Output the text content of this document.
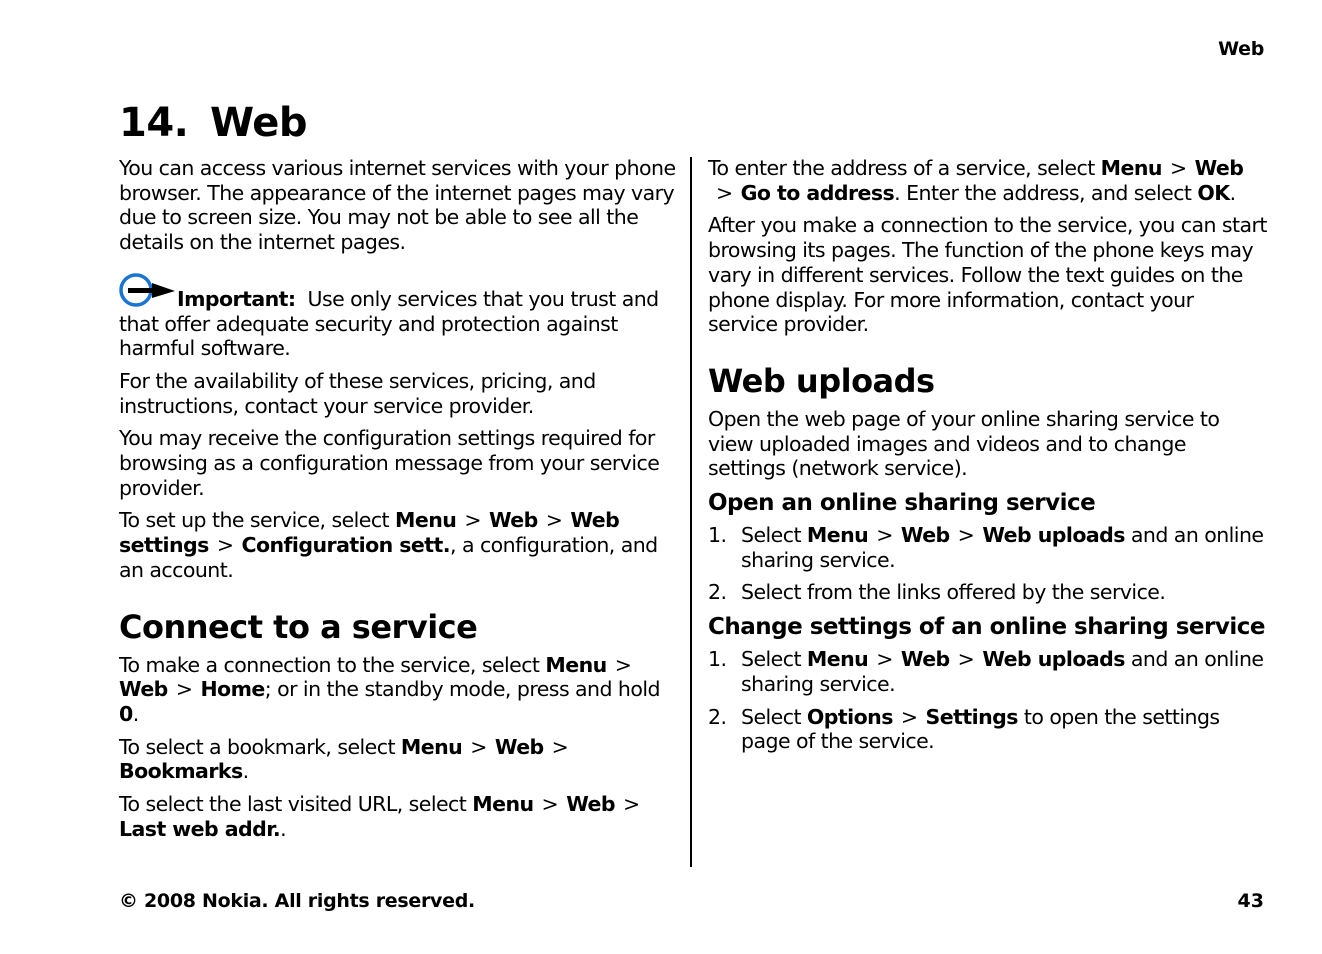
Web
14. Web

You can access various internet services with your phone browser. The appearance of the internet pages may vary due to screen size. You may not be able to see all the details on the internet pages.

Important: Use only services that you trust and that offer adequate security and protection against harmful software.

For the availability of these services, pricing, and instructions, contact your service provider.

You may receive the configuration settings required for browsing as a configuration message from your service provider.

To set up the service, select Menu > Web > Web settings > Configuration sett., a configuration, and an account.

Connect to a service

To make a connection to the service, select Menu >Web > Home; or in the standby mode, press and hold 0.

To select a bookmark, select Menu > Web >Bookmarks.

To select the last visited URL, select Menu > Web >Last web addr..

To enter the address of a service, select Menu > Web> Go to address. Enter the address, and select OK.

After you make a connection to the service, you can start browsing its pages. The function of the phone keys may vary in different services. Follow the text guides on the phone display. For more information, contact your service provider.

Web uploads

Open the web page of your online sharing service to view uploaded images and videos and to change settings (network service).

Open an online sharing service
1. Select Menu > Web > Web uploads and an online sharing service.
2. Select from the links offered by the service.
Change settings of an online sharing service
1. Select Menu > Web > Web uploads and an online sharing service.
2. Select Options > Settings to open the settings page of the service.
© 2008 Nokia. All rights reserved.	43
